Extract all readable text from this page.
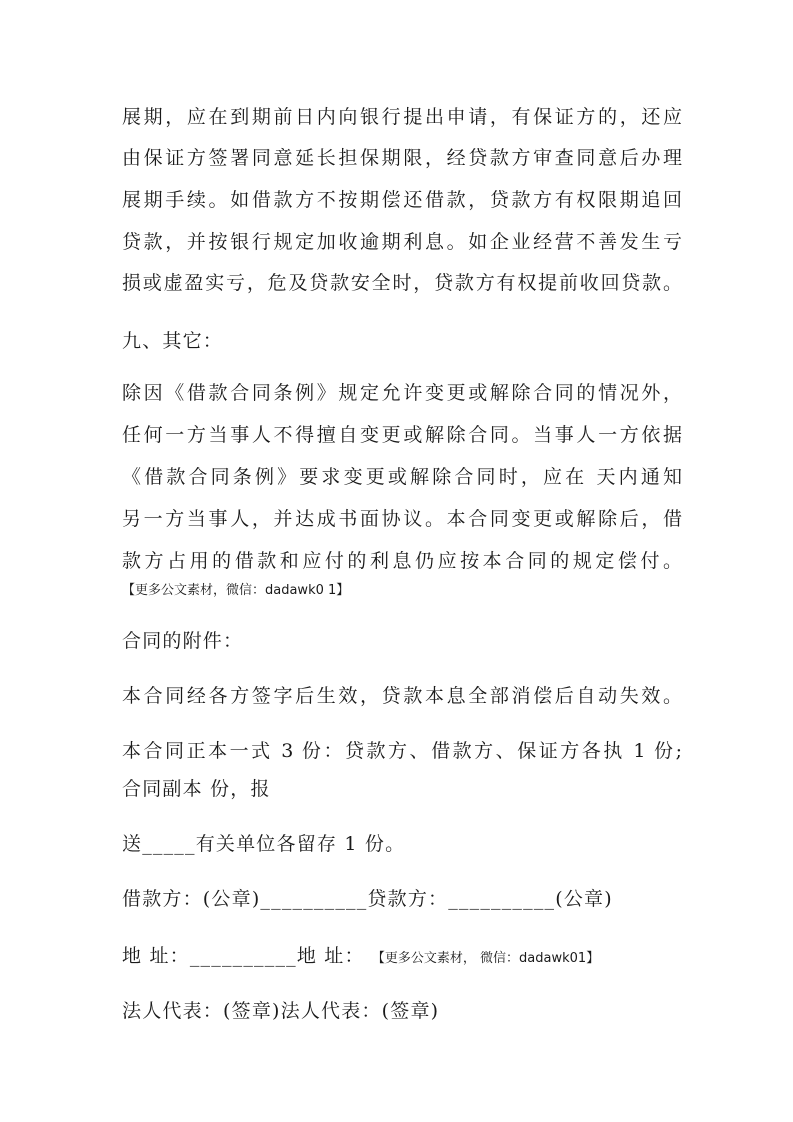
展期，应在到期前日内向银行提出申请，有保证方的，还应
由保证方签署同意延长担保期限，经贷款方审查同意后办理
展期手续。如借款方不按期偿还借款，贷款方有权限期追回
贷款，并按银行规定加收逾期利息。如企业经营不善发生亏
损或虚盈实亏，危及贷款安全时，贷款方有权提前收回贷款。
九、其它：
除因《借款合同条例》规定允许变更或解除合同的情况外，
任何一方当事人不得擅自变更或解除合同。当事人一方依据
《借款合同条例》要求变更或解除合同时，应在 天内通知
另一方当事人，并达成书面协议。本合同变更或解除后，借
款方占用的借款和应付的利息仍应按本合同的规定偿付。
【更多公文素材，微信：dadawk0 1】
合同的附件：
本合同经各方签字后生效，贷款本息全部消偿后自动失效。
本合同正本一式 3 份：贷款方、借款方、保证方各执 1 份;
合同副本 份，报
送_____有关单位各留存 1 份。
借款方：(公章)__________贷款方：__________(公章)
地 址：__________地 址： 【更多公文素材， 微信：dadawk01】
法人代表：(签章)法人代表：(签章)
